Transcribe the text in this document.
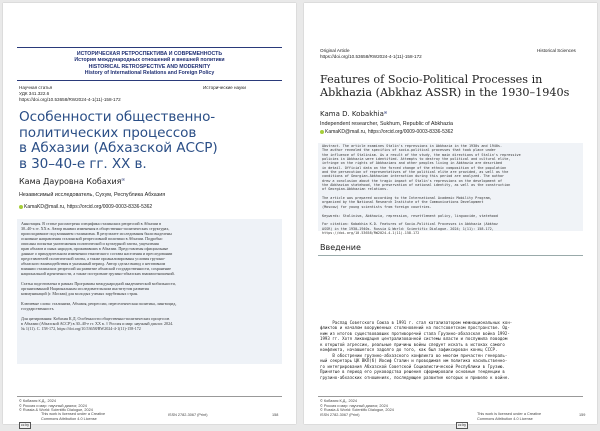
ИСТОРИЧЕСКАЯ РЕТРОСПЕКТИВА И СОВРЕМЕННОСТЬ
История международных отношений и внешней политики
HISTORICAL RETROSPECTIVE AND MODERNITY
History of International Relations and Foreign Policy
Научная статья	Исторические науки
УДК 341.322.6
https://doi.org/10.53658/RW2024-4-1(11)-158-172
Особенности общественно-
политических процессов
в Абхазии (Абхазской АССР)
в 30–40-е гг. ХХ в.
Кама Дауровна Кобахия✉
Независимый исследователь, Сухум, Республика Абхазия
KamaKD@mail.ru, https://orcid.org/0009-0003-8336-5362
Аннотация. В статье рассмотрена специфика сталинских репрессий в Абхазии в
30–40-х гг. ХХ в. Автор выявил изменения в общественно-политических структурах,
происходившие под влиянием сталинизма. В результате исследования были выделены
основные направления сталинской репрессивной политики в Абхазии. Подробно
описаны попытки уничтожения политической и культурной элиты, ущемления
прав абхазов и иных народов, проживавших в Абхазии. Представлены официальные
данные о принудительном изменении этнического состава населения и преследовании
представителей политической элиты, а также проанализированы условия грузино-
абхазского взаимодействия в указанный период. Автор сделал вывод о негативном
влиянии сталинских репрессий на развитие абхазской государственности, сохранение
национальной идентичности, а также построение грузино-абхазских взаимоотношений.

Статья подготовлена в рамках Программы международной академической мобильности,
организованной Национальным исследовательским институтом развития
коммуникаций (г. Москва) для молодых ученых зарубежных стран.

Ключевые слова: сталинизм, Абхазия, репрессии, переселенческая политика, лингвоцид,
государственность

Для цитирования: Кобахия К.Д. Особенности общественно-политических процессов
в Абхазии (Абхазской АССР) в 30–40-е гг. ХХ в. // Россия и мир: научный диалог. 2024.
№ 1(11). С. 158-172, https://doi.org/10.53658/RW2024-4-1(11)-158-172
© Кобахия К.Д., 2024
© Россия и мир: научный диалог, 2024
© Russia & World: Scientific Dialogue, 2024
cc by
This work is licensed under a Creative
Commons Attribution 4.0 License
ISSN 2782-3067 (Print)	158
Original Article	Historical Sciences
https://doi.org/10.53658/RW2024-4-1(11)-158-172
Features of Socio-Political Processes in
Abkhazia (Abkhaz ASSR) in the 1930–1940s
Kama D. Kobakhia✉
Independent researcher, Sukhum, Republic of Abkhazia
KamaKD@mail.ru, https://orcid.org/0009-0003-8336-5362
Abstract. The article examines Stalin's repressions in Abkhazia in the 1930s and 1940s.
The author revealed the specifics of socio-political processes that took place under
the influence of Stalinism. As a result of the study, the main directions of Stalin's repressive
policies in Abkhazia were identified. Attempts to destroy the political and cultural elite,
infringe on the rights of Abkhazians and other peoples living in Abkhazia are described
in detail. Official data on the forced change of the ethnic composition of the population
and the persecution of representatives of the political elite are provided, as well as the
conditions of Georgian-Abkhazian interaction during this period are analyzed. The author
drew a conclusion about the tragic impact of Stalin's repressions on the development of
the Abkhazian statehood, the preservation of national identity, as well as the construction
of Georgian-Abkhazian relations.

The article was prepared according to the International Academic Mobility Program,
organized by the National Research Institute of the Communications Development
(Moscow) for young scientists from foreign countries.

Keywords: Stalinism, Abkhazia, repression, resettlement policy, linguocide, statehood

For citation: Kobakhia K.D. Features of Socio-Political Processes in Abkhazia (Abkhaz
ASSR) in the 1930–1940s. Russia & World: Scientific Dialogue. 2024; 1(11): 158-172,
https://doi.org/10.53658/RW2024-4-1(11)-158-172
Введение
Распад Советского Союза в 1991 г. стал катализатором межнациональных кон-
фликтов и началом вооруженных столкновений на постсоветском пространстве. Од-
ним из итогов существовавших противоречий стала Грузино-абхазская война 1992-
1993 гг. Хотя ликвидация централизованной системы власти и послужила поводом
к открытой агрессии, реальные причины войны следует искать в истоках самого
конфликта, начавшегося задолго до того, как был зафиксирован конец СССР.
В обострении грузино-абхазского конфликта во многом причастен генераль-
ный секретарь ЦК ВКП(б) Иосиф Сталин и проводимая им политика насильственно-
го интегрирования Абхазской Советской Социалистической Республики в Грузию.
Принятые в период его руководства решения сформировали основные тенденции в
грузино-абхазских отношениях, последующее развитие которых и привело к войне.
© Кобахия К.Д., 2024
© Россия и мир: научный диалог, 2024
© Russia & World: Scientific Dialogue, 2024
ISSN 2782-3067 (Print)
cc by
This work is licensed under a Creative
Commons Attribution 4.0 License
159
